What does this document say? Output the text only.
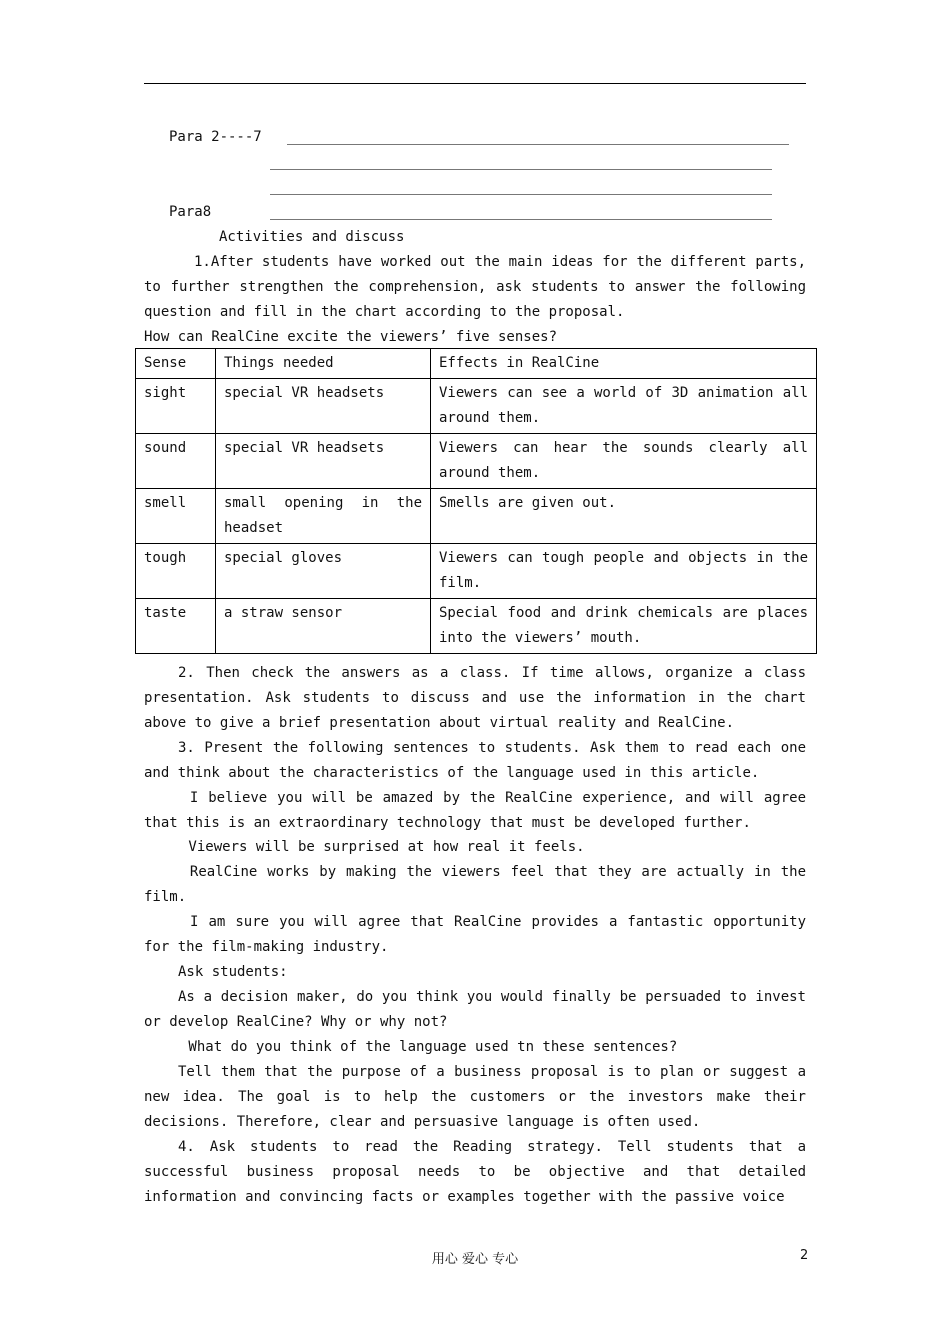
Para 2----7
Para8
Activities and discuss
1.After students have worked out the main ideas for the different parts, to further strengthen the comprehension, ask students to answer the following question and fill in the chart according to the proposal.
How can RealCine excite the viewers’ five senses?
Sense	Things needed	Effects in RealCine
sight	special VR headsets	Viewers can see a world of 3D animation all around them.
sound	special VR headsets	Viewers can hear the sounds clearly all around them.
smell	small opening in the headset	Smells are given out.
tough	special gloves	Viewers can tough people and objects in the film.
taste	a straw sensor	Special food and drink chemicals are places into the viewers’ mouth.
2. Then check the answers as a class. If time allows, organize a class presentation. Ask students to discuss and use the information in the chart above to give a brief presentation about virtual reality and RealCine.
3. Present the following sentences to students. Ask them to read each one and think about the characteristics of the language used in this article.
I believe you will be amazed by the RealCine experience, and will agree that this is an extraordinary technology that must be developed further.
Viewers will be surprised at how real it feels.
RealCine works by making the viewers feel that they are actually in the film.
I am sure you will agree that RealCine provides a fantastic opportunity for the film-making industry.
Ask students:
As a decision maker, do you think you would finally be persuaded to invest or develop RealCine? Why or why not?
What do you think of the language used tn these sentences?
Tell them that the purpose of a business proposal is to plan or suggest a new idea. The goal is to help the customers or the investors make their decisions. Therefore, clear and persuasive language is often used.
4. Ask students to read the Reading strategy. Tell students that a successful business proposal needs to be objective and that detailed information and convincing facts or examples together with the passive voice
用心 爱心 专心	2
